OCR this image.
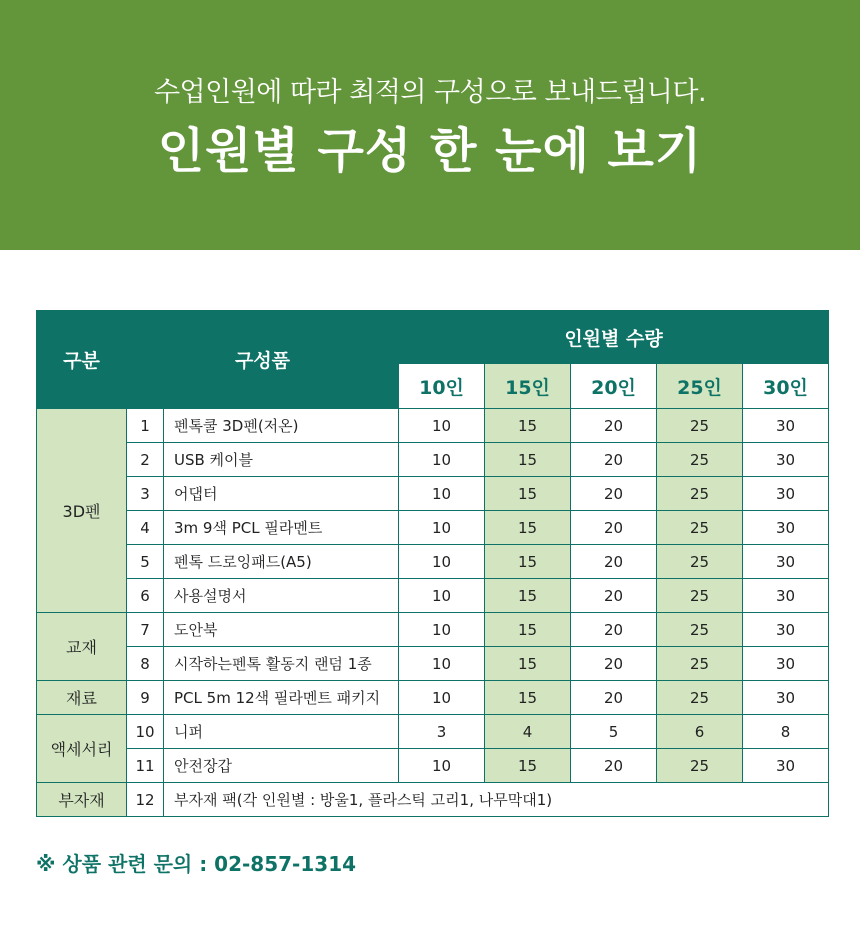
수업인원에 따라 최적의 구성으로 보내드립니다.
인원별 구성 한 눈에 보기
구분	구성품		인원별 수량				
			10인	15인	20인	25인	30인
3D펜	1	펜톡쿨 3D펜(저온)	10	15	20	25	30
	2	USB 케이블	10	15	20	25	30
	3	어댑터	10	15	20	25	30
	4	3m 9색 PCL 필라멘트	10	15	20	25	30
	5	펜톡 드로잉패드(A5)	10	15	20	25	30
	6	사용설명서	10	15	20	25	30
교재	7	도안북	10	15	20	25	30
	8	시작하는펜톡 활동지 랜덤 1종	10	15	20	25	30
재료	9	PCL 5m 12색 필라멘트 패키지	10	15	20	25	30
액세서리	10	니퍼	3	4	5	6	8
	11	안전장갑	10	15	20	25	30
부자재	12	부자재 팩(각 인원별 : 방울1, 플라스틱 고리1, 나무막대1)					
※ 상품 관련 문의 : 02-857-1314
